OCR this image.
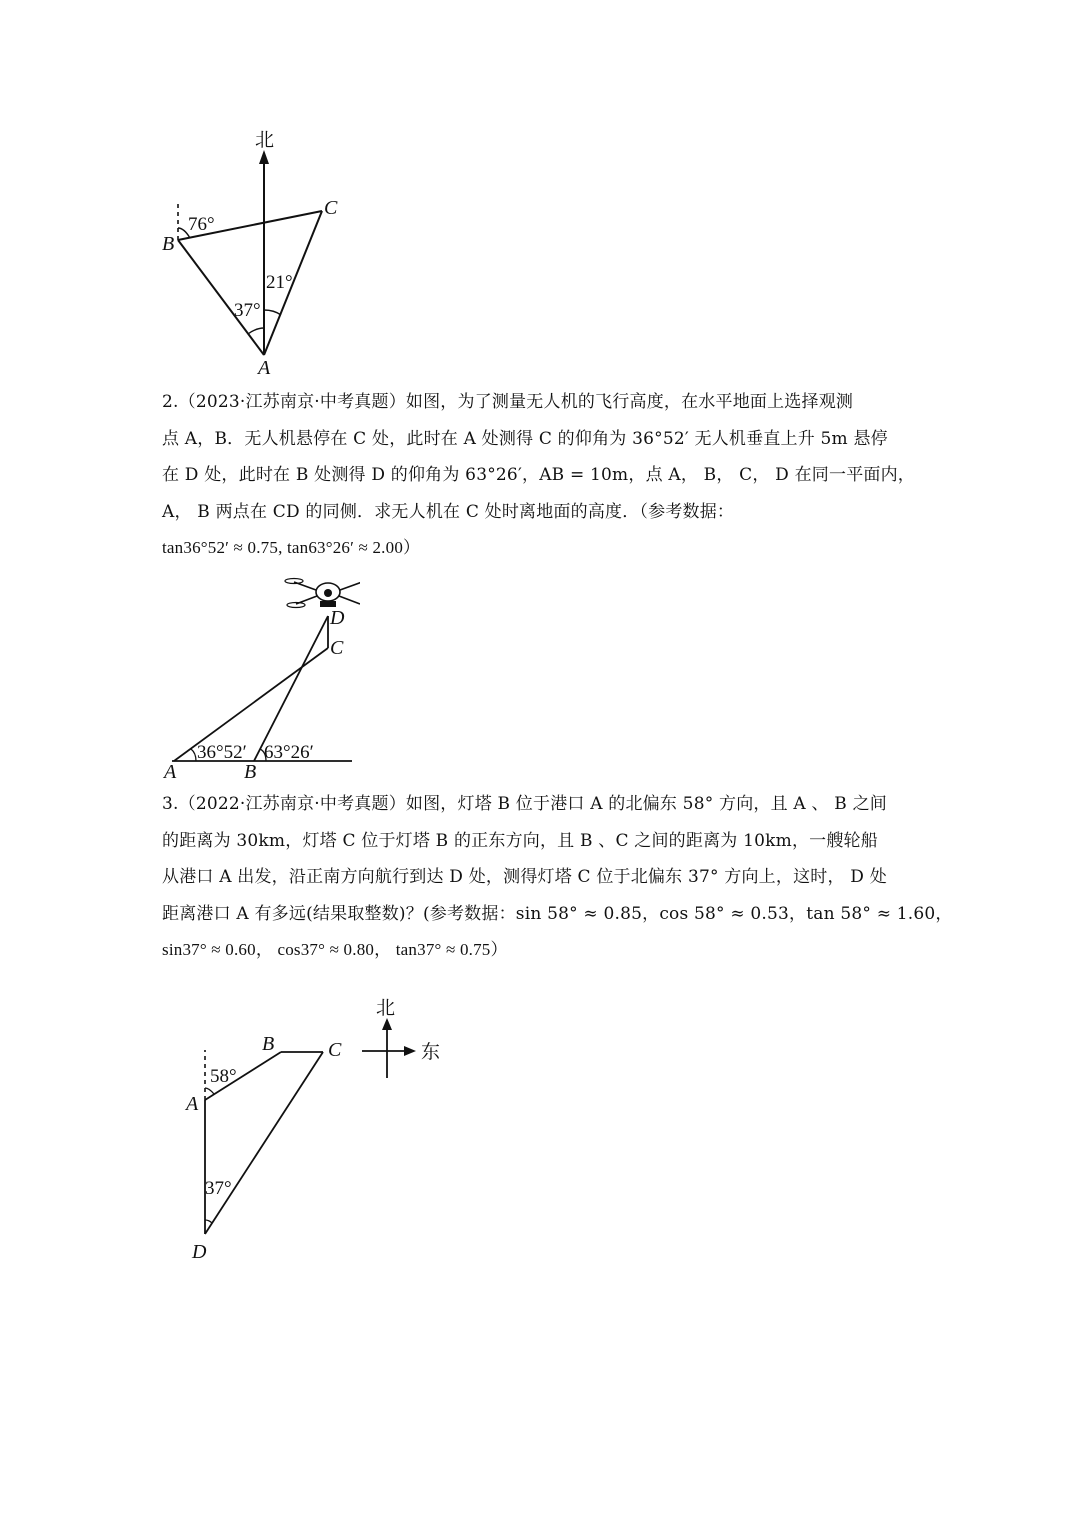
北
A
B
C
76°
21°
37°
2.（2023·江苏南京·中考真题）如图，为了测量无人机的飞行高度，在水平地面上选择观测
点 A，B．无人机悬停在 C 处，此时在 A 处测得 C 的仰角为 36°52′ 无人机垂直上升 5m 悬停
在 D 处，此时在 B 处测得 D 的仰角为 63°26′，AB = 10m，点 A， B， C， D 在同一平面内，
A， B 两点在 CD 的同侧．求无人机在 C 处时离地面的高度．（参考数据：
tan36°52′ ≈ 0.75, tan63°26′ ≈ 2.00）
D
C
A	B
36°52′ 63°26′
3.（2022·江苏南京·中考真题）如图，灯塔 B 位于港口 A 的北偏东 58° 方向，且 A 、 B 之间
的距离为 30km，灯塔 C 位于灯塔 B 的正东方向，且 B 、C 之间的距离为 10km，一艘轮船
从港口 A 出发，沿正南方向航行到达 D 处，测得灯塔 C 位于北偏东 37° 方向上，这时， D 处
距离港口 A 有多远(结果取整数)？(参考数据：sin 58° ≈ 0.85，cos 58° ≈ 0.53，tan 58° ≈ 1.60，
sin37° ≈ 0.60， cos37° ≈ 0.80， tan37° ≈ 0.75）
B	C
A
D
58°
37°
北
东
